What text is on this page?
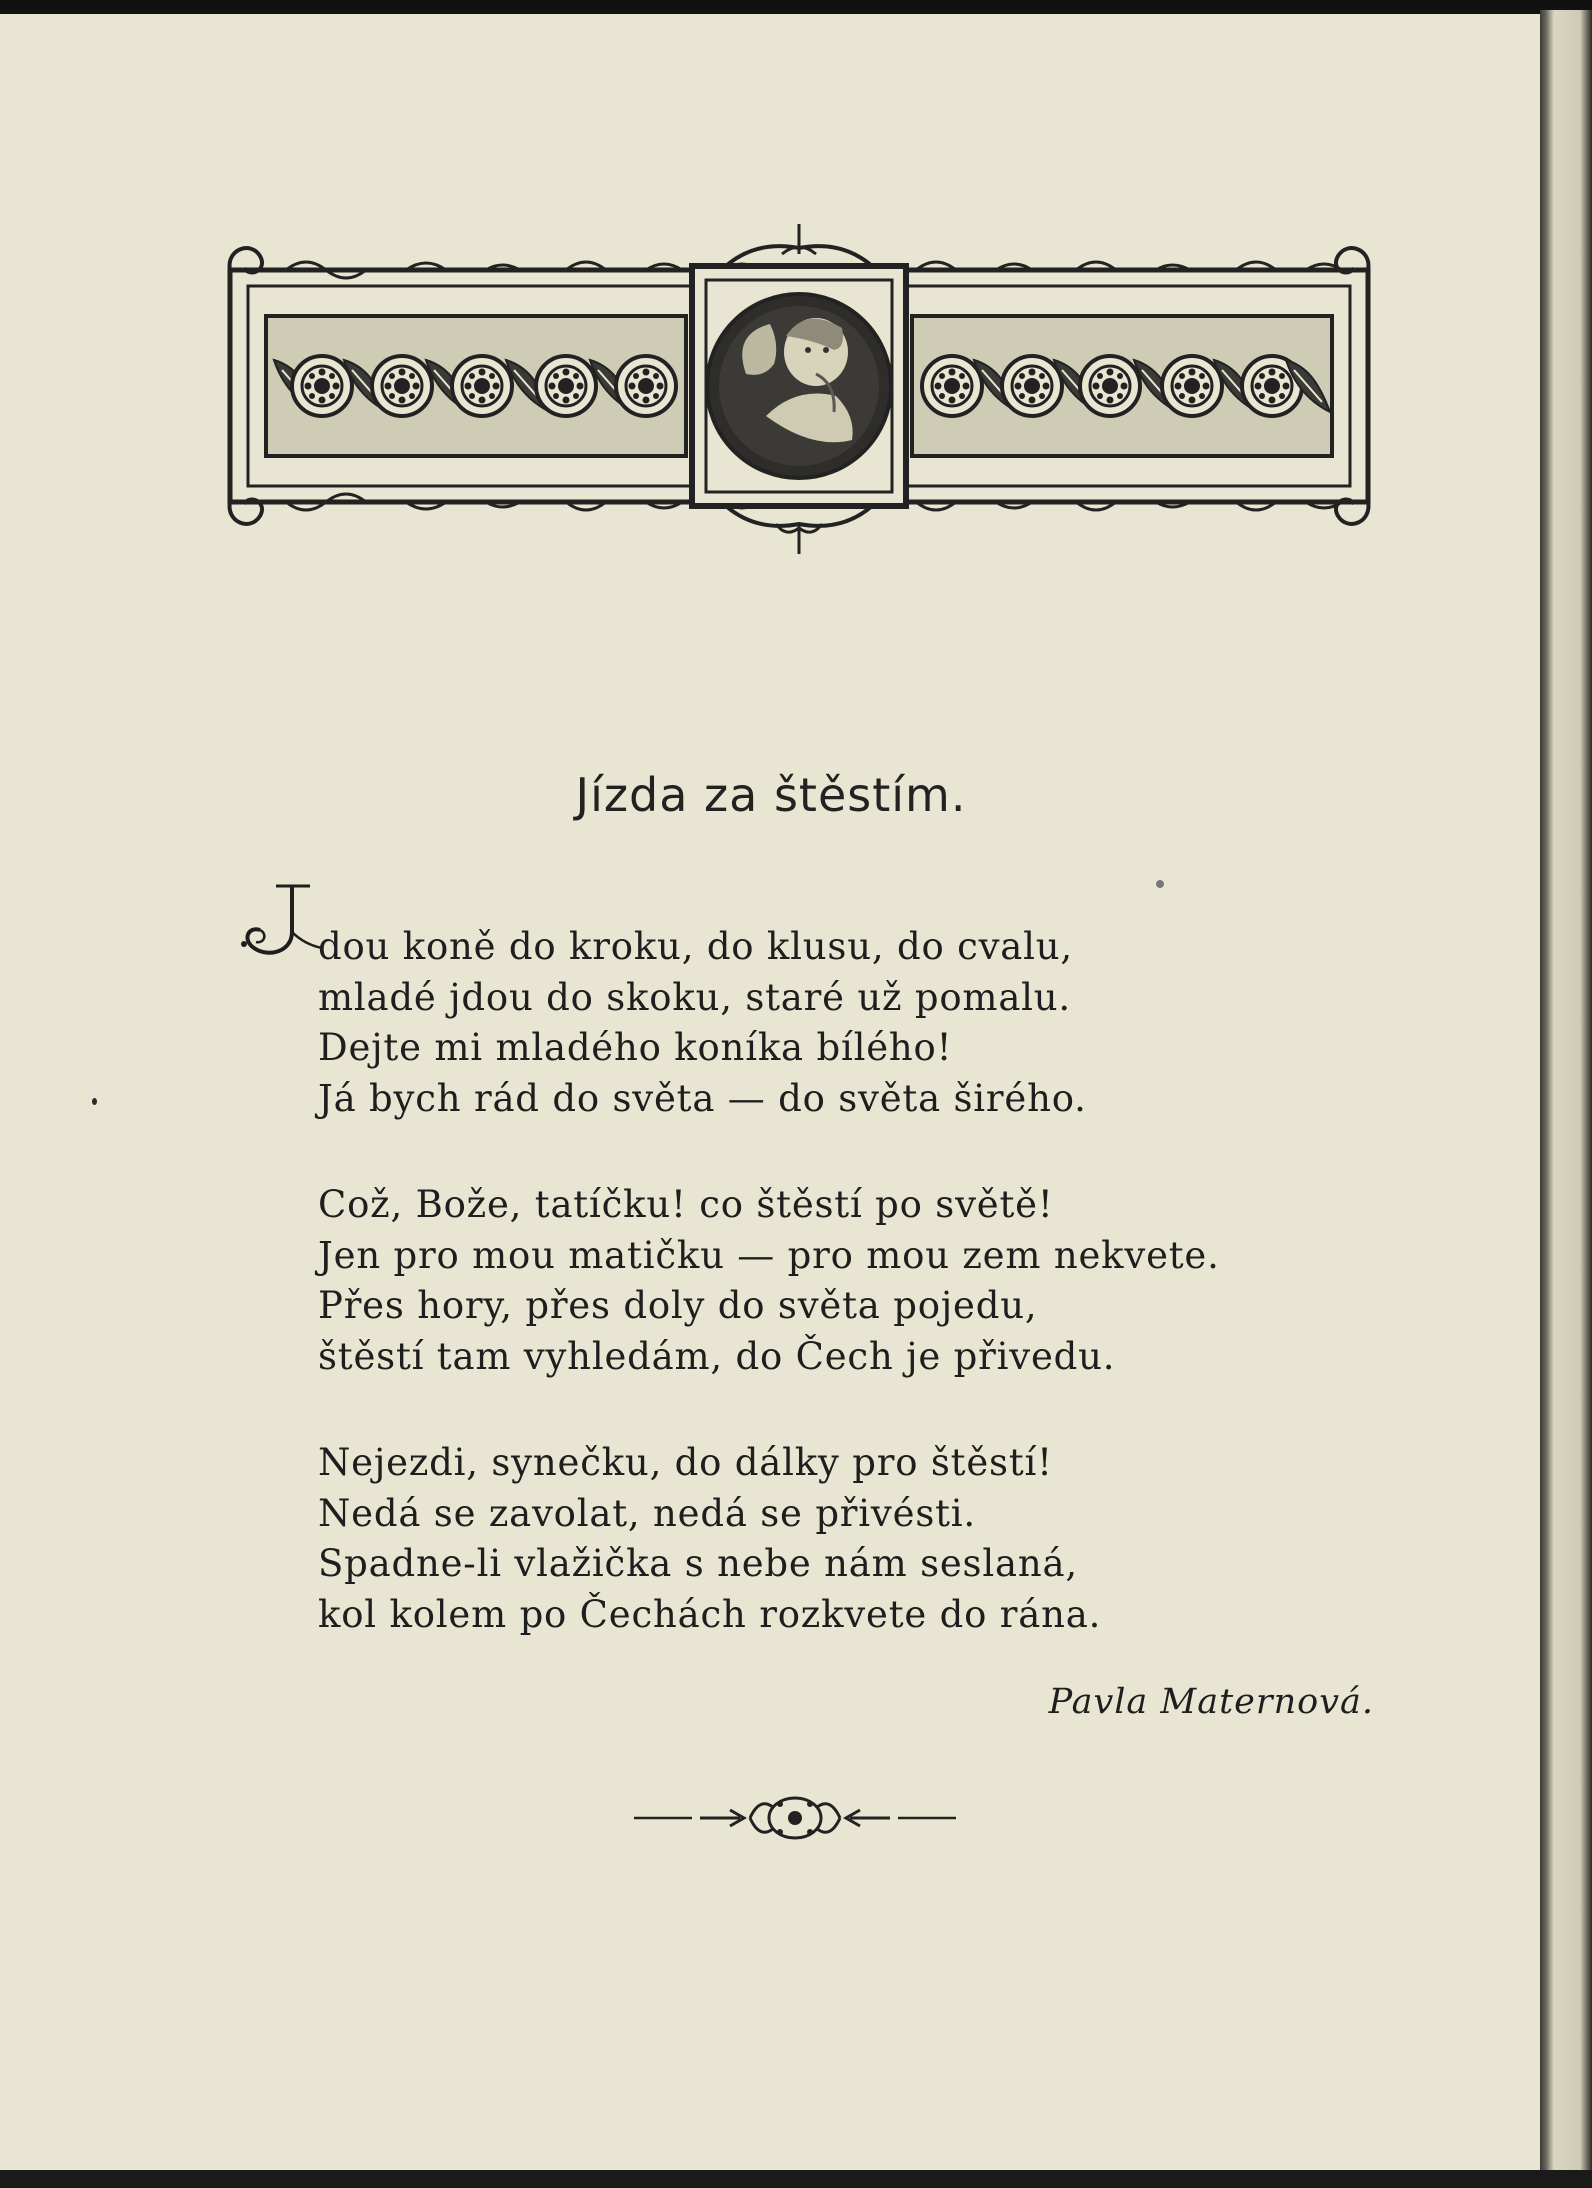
Jízda za štěstím.
J
dou koně do kroku, do klusu, do cvalu,
mladé jdou do skoku, staré už pomalu.
Dejte mi mladého koníka bílého!
Já bych rád do světa — do světa širého.
Což, Bože, tatíčku! co štěstí po světě!
Jen pro mou matičku — pro mou zem nekvete.
Přes hory, přes doly do světa pojedu,
štěstí tam vyhledám, do Čech je přivedu.
Nejezdi, synečku, do dálky pro štěstí!
Nedá se zavolat, nedá se přivésti.
Spadne-li vlažička s nebe nám seslaná,
kol kolem po Čechách rozkvete do rána.
Pavla Maternová.
